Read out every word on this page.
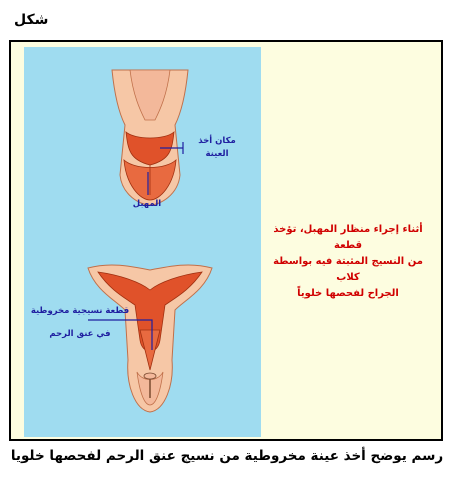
شكل
أثناء إجراء منظار المهبل، تؤخذ قطعة
من النسيج المثبتة فيه بواسطة كلاب
الجراح لفحصها خلوياً
مكان أخذ
العينة
المهبل
قطعة نسيجية مخروطية
في عنق الرحم
رسم يوضح أخذ عينة مخروطية من نسيج عنق الرحم لفحصها خلويا
